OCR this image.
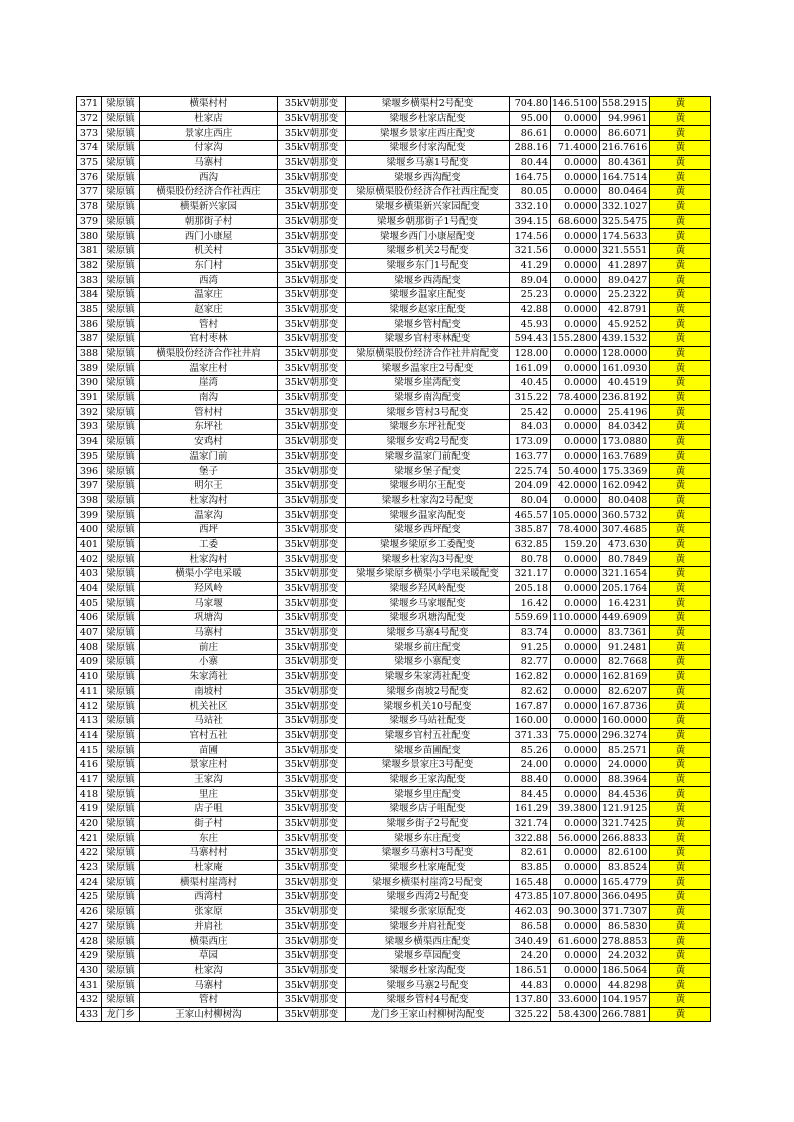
371	梁原镇	横渠村村	35kV朝那变	梁堰乡横渠村2号配变	704.80	146.5100	558.2915	黄
372	梁原镇	杜家店	35kV朝那变	梁堰乡杜家店配变	95.00	0.0000	94.9961	黄
373	梁原镇	景家庄西庄	35kV朝那变	梁堰乡景家庄西庄配变	86.61	0.0000	86.6071	黄
374	梁原镇	付家沟	35kV朝那变	梁堰乡付家沟配变	288.16	71.4000	216.7616	黄
375	梁原镇	马寨村	35kV朝那变	梁堰乡马寨1号配变	80.44	0.0000	80.4361	黄
376	梁原镇	西沟	35kV朝那变	梁堰乡西沟配变	164.75	0.0000	164.7514	黄
377	梁原镇	横渠股份经济合作社西庄	35kV朝那变	梁原横渠股份经济合作社西庄配变	80.05	0.0000	80.0464	黄
378	梁原镇	横渠新兴家园	35kV朝那变	梁堰乡横渠新兴家园配变	332.10	0.0000	332.1027	黄
379	梁原镇	朝那街子村	35kV朝那变	梁堰乡朝那街子1号配变	394.15	68.6000	325.5475	黄
380	梁原镇	西门小康屋	35kV朝那变	梁堰乡西门小康屋配变	174.56	0.0000	174.5633	黄
381	梁原镇	机关村	35kV朝那变	梁堰乡机关2号配变	321.56	0.0000	321.5551	黄
382	梁原镇	东门村	35kV朝那变	梁堰乡东门1号配变	41.29	0.0000	41.2897	黄
383	梁原镇	西湾	35kV朝那变	梁堰乡西湾配变	89.04	0.0000	89.0427	黄
384	梁原镇	温家庄	35kV朝那变	梁堰乡温家庄配变	25.23	0.0000	25.2322	黄
385	梁原镇	赵家庄	35kV朝那变	梁堰乡赵家庄配变	42.88	0.0000	42.8791	黄
386	梁原镇	管村	35kV朝那变	梁堰乡管村配变	45.93	0.0000	45.9252	黄
387	梁原镇	官村枣林	35kV朝那变	梁堰乡官村枣林配变	594.43	155.2800	439.1532	黄
388	梁原镇	横渠股份经济合作社井肩	35kV朝那变	梁原横渠股份经济合作社井肩配变	128.00	0.0000	128.0000	黄
389	梁原镇	温家庄村	35kV朝那变	梁堰乡温家庄2号配变	161.09	0.0000	161.0930	黄
390	梁原镇	崖湾	35kV朝那变	梁堰乡崖湾配变	40.45	0.0000	40.4519	黄
391	梁原镇	南沟	35kV朝那变	梁堰乡南沟配变	315.22	78.4000	236.8192	黄
392	梁原镇	管村村	35kV朝那变	梁堰乡管村3号配变	25.42	0.0000	25.4196	黄
393	梁原镇	东坪社	35kV朝那变	梁堰乡东坪社配变	84.03	0.0000	84.0342	黄
394	梁原镇	安鸡村	35kV朝那变	梁堰乡安鸡2号配变	173.09	0.0000	173.0880	黄
395	梁原镇	温家门前	35kV朝那变	梁堰乡温家门前配变	163.77	0.0000	163.7689	黄
396	梁原镇	堡子	35kV朝那变	梁堰乡堡子配变	225.74	50.4000	175.3369	黄
397	梁原镇	明尔王	35kV朝那变	梁堰乡明尔王配变	204.09	42.0000	162.0942	黄
398	梁原镇	杜家沟村	35kV朝那变	梁堰乡杜家沟2号配变	80.04	0.0000	80.0408	黄
399	梁原镇	温家沟	35kV朝那变	梁堰乡温家沟配变	465.57	105.0000	360.5732	黄
400	梁原镇	西坪	35kV朝那变	梁堰乡西坪配变	385.87	78.4000	307.4685	黄
401	梁原镇	工委	35kV朝那变	梁堰乡梁原乡工委配变	632.85	159.20	473.630	黄
402	梁原镇	杜家沟村	35kV朝那变	梁堰乡杜家沟3号配变	80.78	0.0000	80.7849	黄
403	梁原镇	横渠小学电采暖	35kV朝那变	梁堰乡梁原乡横渠小学电采暖配变	321.17	0.0000	321.1654	黄
404	梁原镇	羟风岭	35kV朝那变	梁堰乡羟风岭配变	205.18	0.0000	205.1764	黄
405	梁原镇	马家堰	35kV朝那变	梁堰乡马家堰配变	16.42	0.0000	16.4231	黄
406	梁原镇	巩塘沟	35kV朝那变	梁堰乡巩塘沟配变	559.69	110.0000	449.6909	黄
407	梁原镇	马寨村	35kV朝那变	梁堰乡马寨4号配变	83.74	0.0000	83.7361	黄
408	梁原镇	前庄	35kV朝那变	梁堰乡前庄配变	91.25	0.0000	91.2481	黄
409	梁原镇	小寨	35kV朝那变	梁堰乡小寨配变	82.77	0.0000	82.7668	黄
410	梁原镇	朱家湾社	35kV朝那变	梁堰乡朱家湾社配变	162.82	0.0000	162.8169	黄
411	梁原镇	南坡村	35kV朝那变	梁堰乡南坡2号配变	82.62	0.0000	82.6207	黄
412	梁原镇	机关社区	35kV朝那变	梁堰乡机关10号配变	167.87	0.0000	167.8736	黄
413	梁原镇	马站社	35kV朝那变	梁堰乡马站社配变	160.00	0.0000	160.0000	黄
414	梁原镇	官村五社	35kV朝那变	梁堰乡官村五社配变	371.33	75.0000	296.3274	黄
415	梁原镇	苗圃	35kV朝那变	梁堰乡苗圃配变	85.26	0.0000	85.2571	黄
416	梁原镇	景家庄村	35kV朝那变	梁堰乡景家庄3号配变	24.00	0.0000	24.0000	黄
417	梁原镇	王家沟	35kV朝那变	梁堰乡王家沟配变	88.40	0.0000	88.3964	黄
418	梁原镇	里庄	35kV朝那变	梁堰乡里庄配变	84.45	0.0000	84.4536	黄
419	梁原镇	店子咀	35kV朝那变	梁堰乡店子咀配变	161.29	39.3800	121.9125	黄
420	梁原镇	街子村	35kV朝那变	梁堰乡街子2号配变	321.74	0.0000	321.7425	黄
421	梁原镇	东庄	35kV朝那变	梁堰乡东庄配变	322.88	56.0000	266.8833	黄
422	梁原镇	马寨村村	35kV朝那变	梁堰乡马寨村3号配变	82.61	0.0000	82.6100	黄
423	梁原镇	杜家庵	35kV朝那变	梁堰乡杜家庵配变	83.85	0.0000	83.8524	黄
424	梁原镇	横渠村崖湾村	35kV朝那变	梁堰乡横渠村崖湾2号配变	165.48	0.0000	165.4779	黄
425	梁原镇	西湾村	35kV朝那变	梁堰乡西湾2号配变	473.85	107.8000	366.0495	黄
426	梁原镇	张家原	35kV朝那变	梁堰乡张家原配变	462.03	90.3000	371.7307	黄
427	梁原镇	并肩社	35kV朝那变	梁堰乡并肩社配变	86.58	0.0000	86.5830	黄
428	梁原镇	横渠西庄	35kV朝那变	梁堰乡横渠西庄配变	340.49	61.6000	278.8853	黄
429	梁原镇	草园	35kV朝那变	梁堰乡草园配变	24.20	0.0000	24.2032	黄
430	梁原镇	杜家沟	35kV朝那变	梁堰乡杜家沟配变	186.51	0.0000	186.5064	黄
431	梁原镇	马寨村	35kV朝那变	梁堰乡马寨2号配变	44.83	0.0000	44.8298	黄
432	梁原镇	管村	35kV朝那变	梁堰乡管村4号配变	137.80	33.6000	104.1957	黄
433	龙门乡	王家山村柳树沟	35kV朝那变	龙门乡王家山村柳树沟配变	325.22	58.4300	266.7881	黄
